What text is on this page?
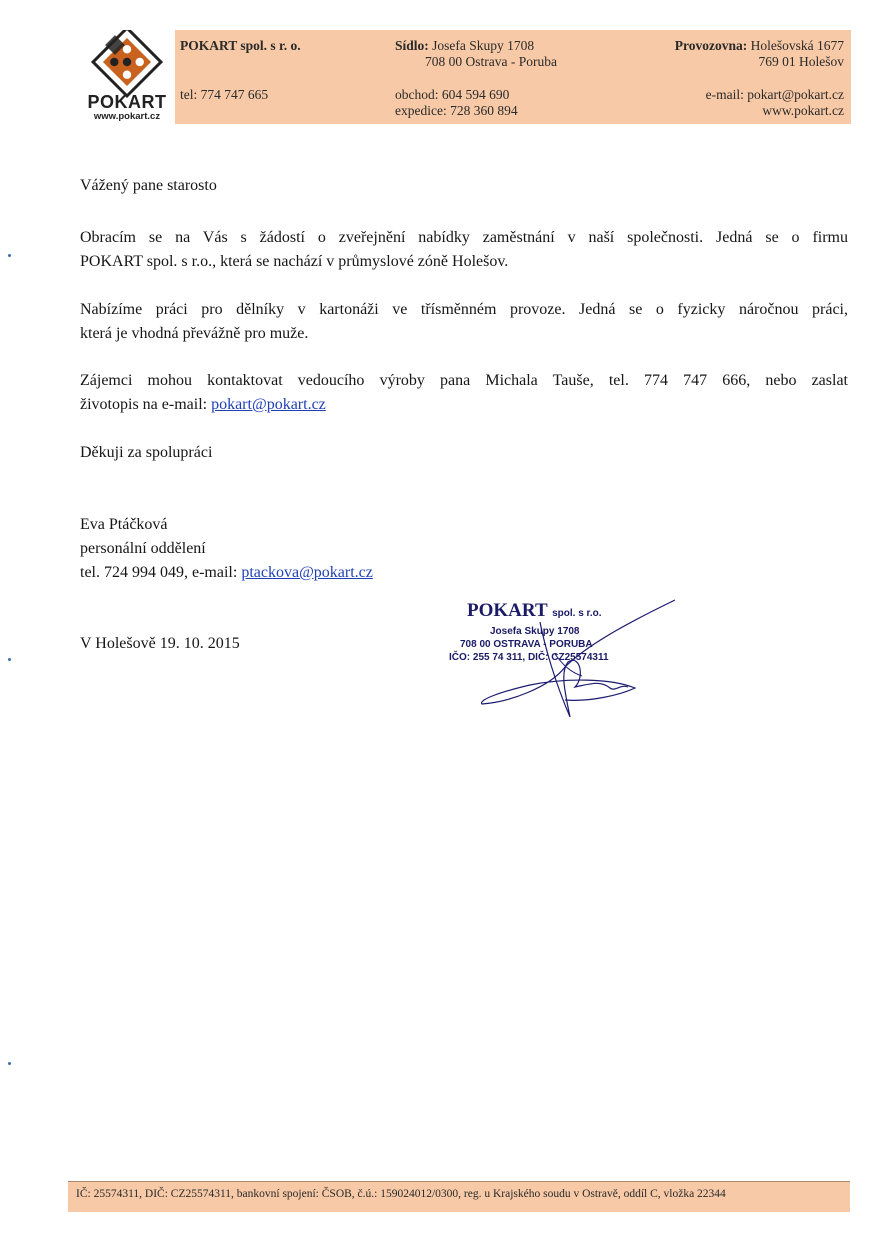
POKART
www.pokart.cz
POKART spol. s r. o.
tel: 774 747 665
Sídlo: Josefa Skupy 1708
708 00 Ostrava - Poruba
obchod: 604 594 690
expedice: 728 360 894
Provozovna: Holešovská 1677
769 01 Holešov
e-mail: pokart@pokart.cz
www.pokart.cz
Vážený pane starosto
Obracím se na Vás s žádostí o zveřejnění nabídky zaměstnání v naší společnosti. Jedná se o firmu
POKART spol. s r.o., která se nachází v průmyslové zóně Holešov.
Nabízíme práci pro dělníky v kartonáži ve třísměnném provoze. Jedná se o fyzicky náročnou práci,
která je vhodná převážně pro muže.
Zájemci mohou kontaktovat vedoucího výroby pana Michala Tauše, tel. 774 747 666, nebo zaslat
životopis na e-mail: pokart@pokart.cz
Děkuji za spolupráci
Eva Ptáčková
personální oddělení
tel. 724 994 049, e-mail: ptackova@pokart.cz
V Holešově 19. 10. 2015
POKART spol. s r.o.
Josefa Skupy 1708
708 00 OSTRAVA - PORUBA
IČO: 255 74 311, DIČ: CZ25574311
IČ: 25574311, DIČ: CZ25574311, bankovní spojení: ČSOB, č.ú.: 159024012/0300, reg. u Krajského soudu v Ostravě, oddíl C, vložka 22344
